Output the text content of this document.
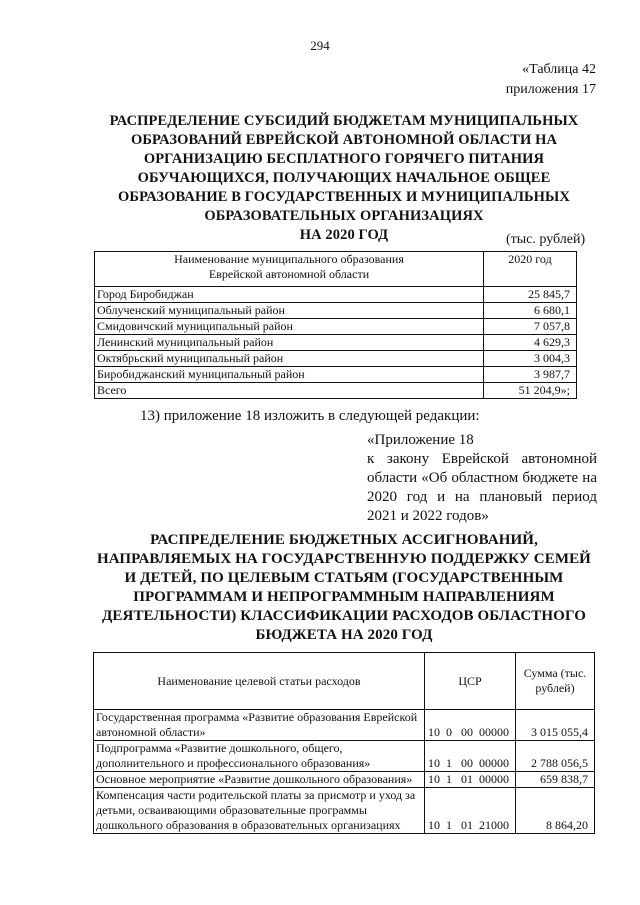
294
«Таблица 42
приложения 17
РАСПРЕДЕЛЕНИЕ СУБСИДИЙ БЮДЖЕТАМ МУНИЦИПАЛЬНЫХ
ОБРАЗОВАНИЙ ЕВРЕЙСКОЙ АВТОНОМНОЙ ОБЛАСТИ НА
ОРГАНИЗАЦИЮ БЕСПЛАТНОГО ГОРЯЧЕГО ПИТАНИЯ
ОБУЧАЮЩИХСЯ, ПОЛУЧАЮЩИХ НАЧАЛЬНОЕ ОБЩЕЕ
ОБРАЗОВАНИЕ В ГОСУДАРСТВЕННЫХ И МУНИЦИПАЛЬНЫХ
ОБРАЗОВАТЕЛЬНЫХ ОРГАНИЗАЦИЯХ
НА 2020 ГОД	(тыс. рублей)
Наименование муниципального образования
Еврейской автономной области	2020 год
Город Биробиджан	25 845,7
Облученский муниципальный район	6 680,1
Смидовичский муниципальный район	7 057,8
Ленинский муниципальный район	4 629,3
Октябрьский муниципальный район	3 004,3
Биробиджанский муниципальный район	3 987,7
Всего	51 204,9»;
13) приложение 18 изложить в следующей редакции:
«Приложение 18
к закону Еврейской автономной области «Об областном бюджете на 2020 год и на плановый период 2021 и 2022 годов»
РАСПРЕДЕЛЕНИЕ БЮДЖЕТНЫХ АССИГНОВАНИЙ,
НАПРАВЛЯЕМЫХ НА ГОСУДАРСТВЕННУЮ ПОДДЕРЖКУ СЕМЕЙ
И ДЕТЕЙ, ПО ЦЕЛЕВЫМ СТАТЬЯМ (ГОСУДАРСТВЕННЫМ
ПРОГРАММАМ И НЕПРОГРАММНЫМ НАПРАВЛЕНИЯМ
ДЕЯТЕЛЬНОСТИ) КЛАССИФИКАЦИИ РАСХОДОВ ОБЛАСТНОГО
БЮДЖЕТА НА 2020 ГОД
Наименование целевой статьи расходов	ЦСР	Сумма (тыс.
рублей)

Государственная программа «Развитие образования Еврейской автономной области»	10  0   00  00000	3 015 055,4
Подпрограмма «Развитие дошкольного, общего, дополнительного и профессионального образования»	10  1   00  00000	2 788 056,5
Основное мероприятие «Развитие дошкольного образования»	10  1   01  00000	659 838,7
Компенсация части родительской платы за присмотр и уход за детьми, осваивающими образовательные программы дошкольного образования в образовательных организациях	10  1   01  21000	8 864,20
